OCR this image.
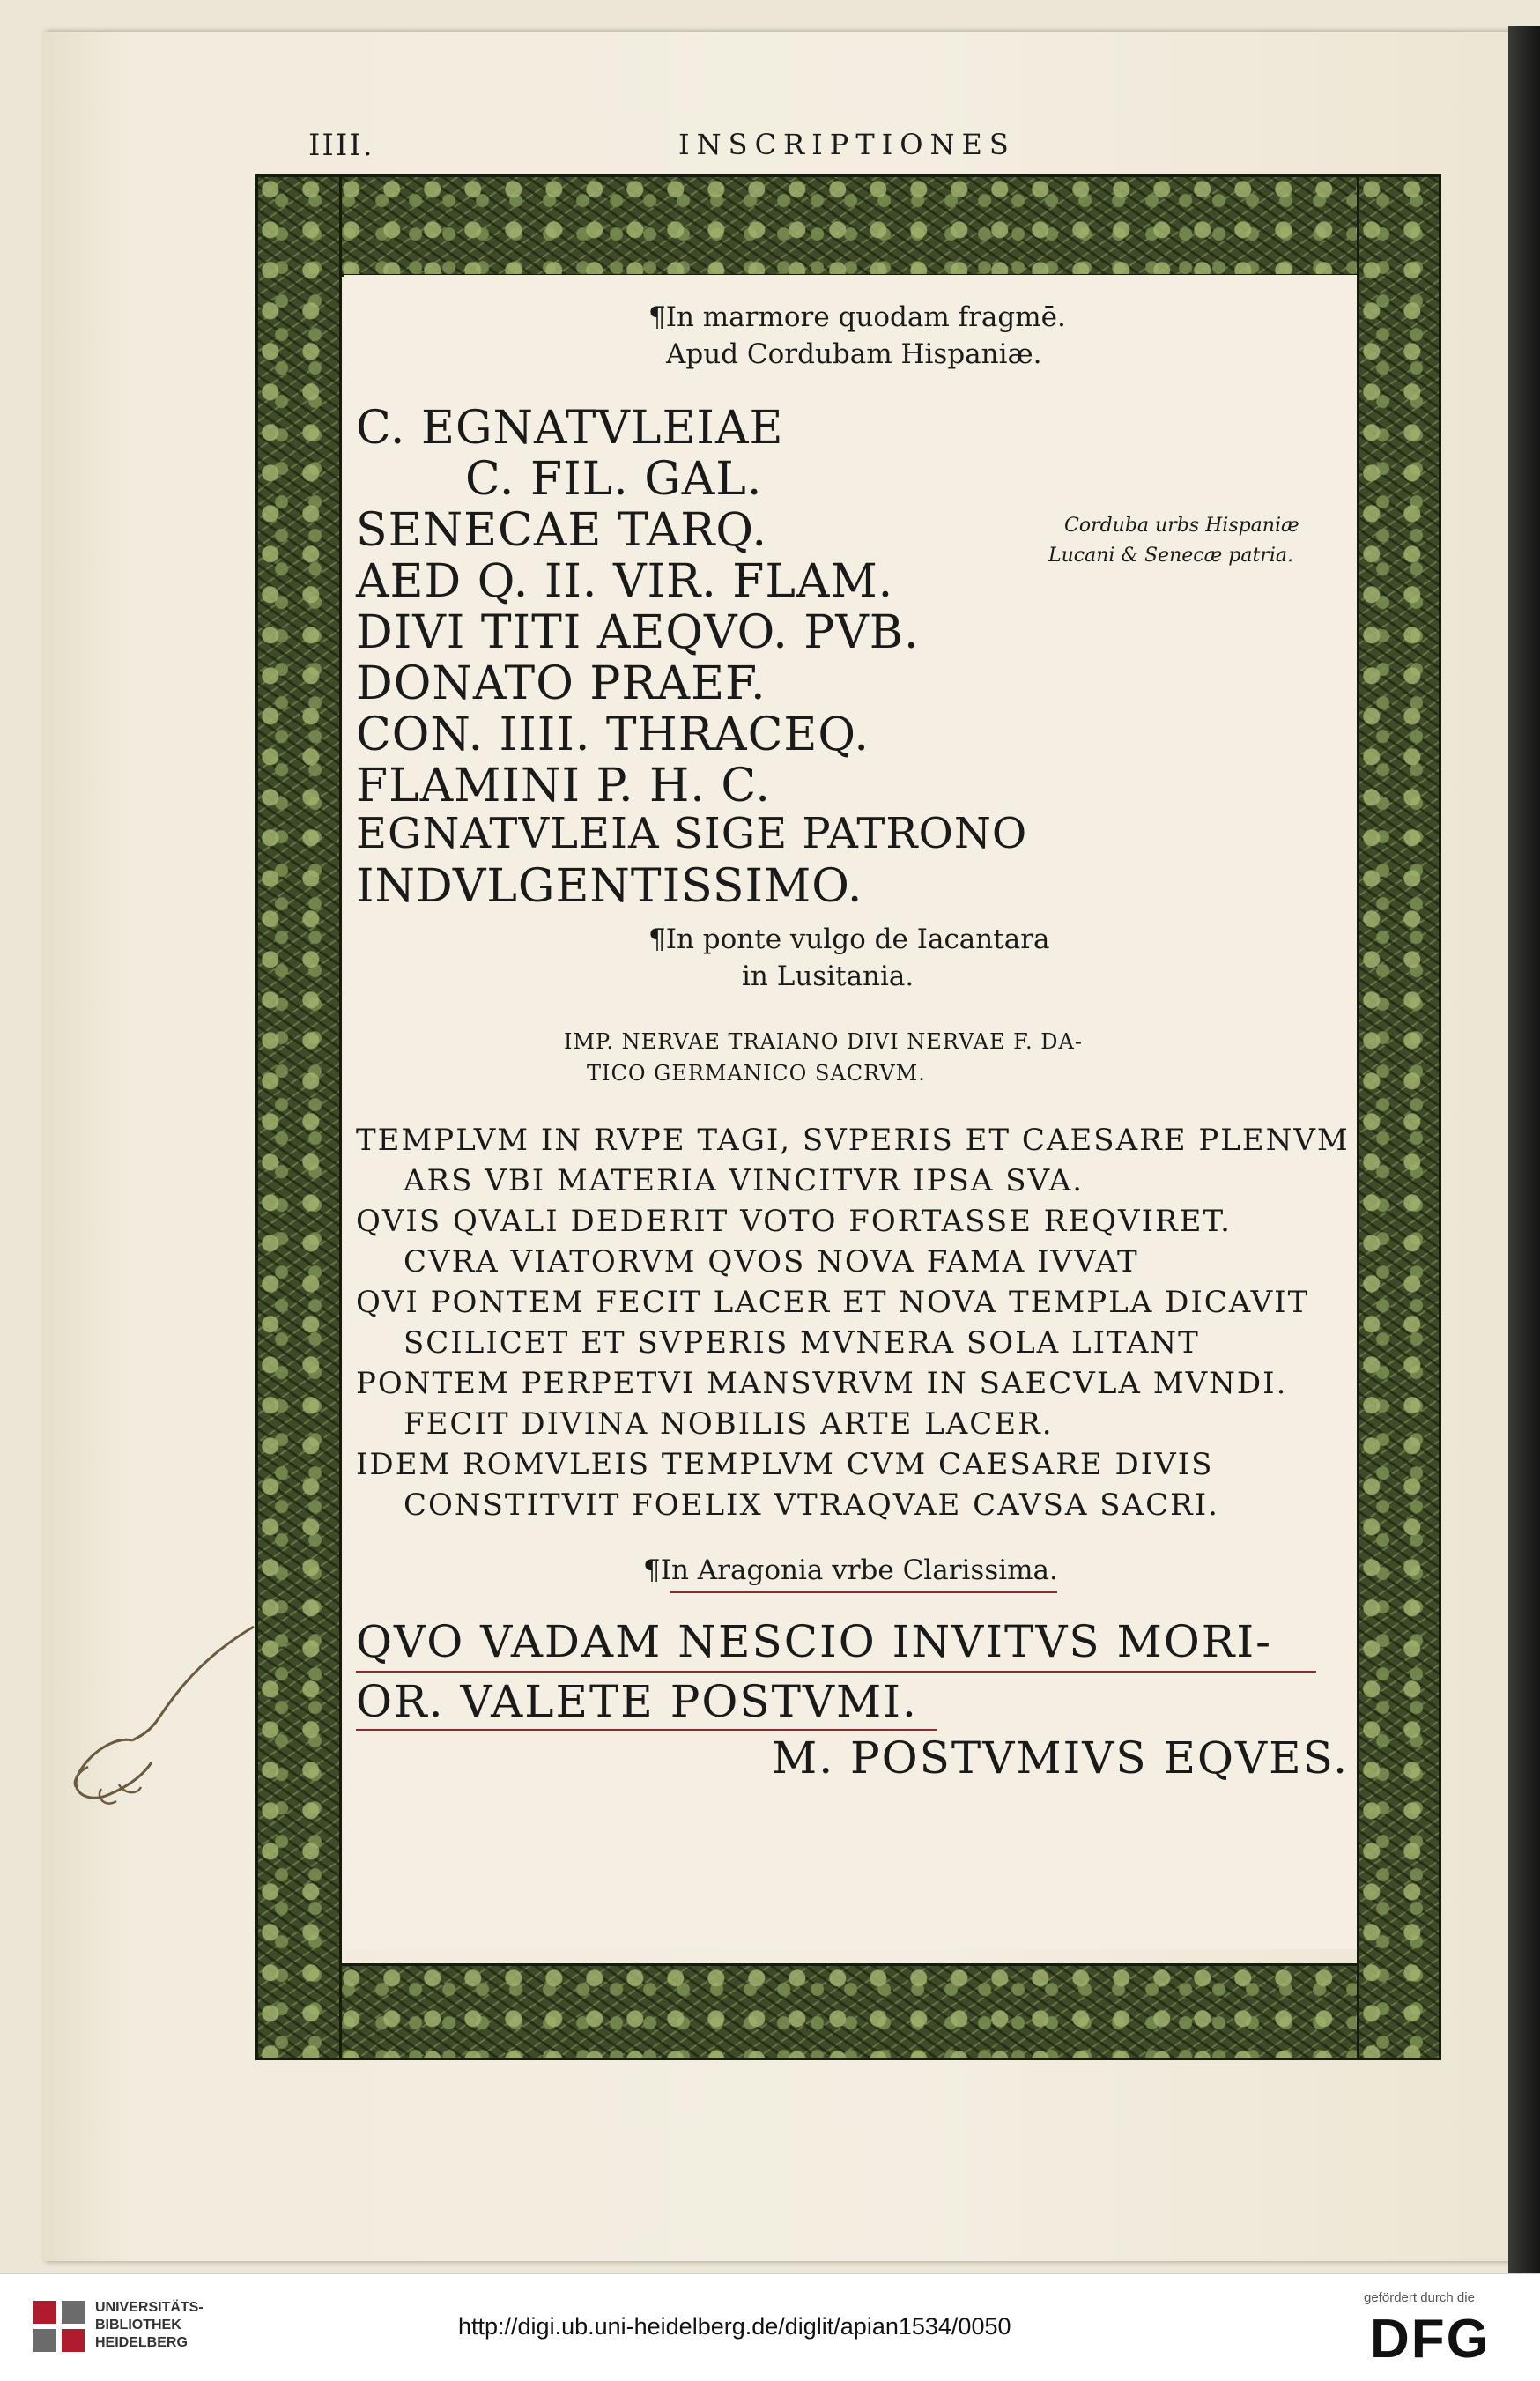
IIII.	INSCRIPTIONES
¶In marmore quodam fragmē.
Apud Cordubam Hispaniæ.
C. EGNATVLEIAE
C. FIL. GAL.
SENECAE TARQ.
AED Q. II. VIR. FLAM.
DIVI TITI AEQVO. PVB.
DONATO PRAEF.
CON. IIII. THRACEQ.
FLAMINI P. H. C.
EGNATVLEIA SIGE PATRONO
INDVLGENTISSIMO.
Corduba urbs Hispaniæ
Lucani & Senecæ patria.
¶In ponte vulgo de Iacantara
in Lusitania.
IMP. NERVAE TRAIANO DIVI NERVAE F. DA-
TICO GERMANICO SACRVM.
TEMPLVM IN RVPE TAGI, SVPERIS ET CAESARE PLENVM
ARS VBI MATERIA VINCITVR IPSA SVA.
QVIS QVALI DEDERIT VOTO FORTASSE REQVIRET.
CVRA VIATORVM QVOS NOVA FAMA IVVAT
QVI PONTEM FECIT LACER ET NOVA TEMPLA DICAVIT
SCILICET ET SVPERIS MVNERA SOLA LITANT
PONTEM PERPETVI MANSVRVM IN SAECVLA MVNDI.
FECIT DIVINA NOBILIS ARTE LACER.
IDEM ROMVLEIS TEMPLVM CVM CAESARE DIVIS
CONSTITVIT FOELIX VTRAQVAE CAVSA SACRI.
¶In Aragonia vrbe Clarissima.
QVO VADAM NESCIO INVITVS MORI-
OR. VALETE POSTVMI.
M. POSTVMIVS EQVES.
UNIVERSITÄTS-
BIBLIOTHEK
HEIDELBERG
http://digi.ub.uni-heidelberg.de/diglit/apian1534/0050
gefördert durch die
DFG
